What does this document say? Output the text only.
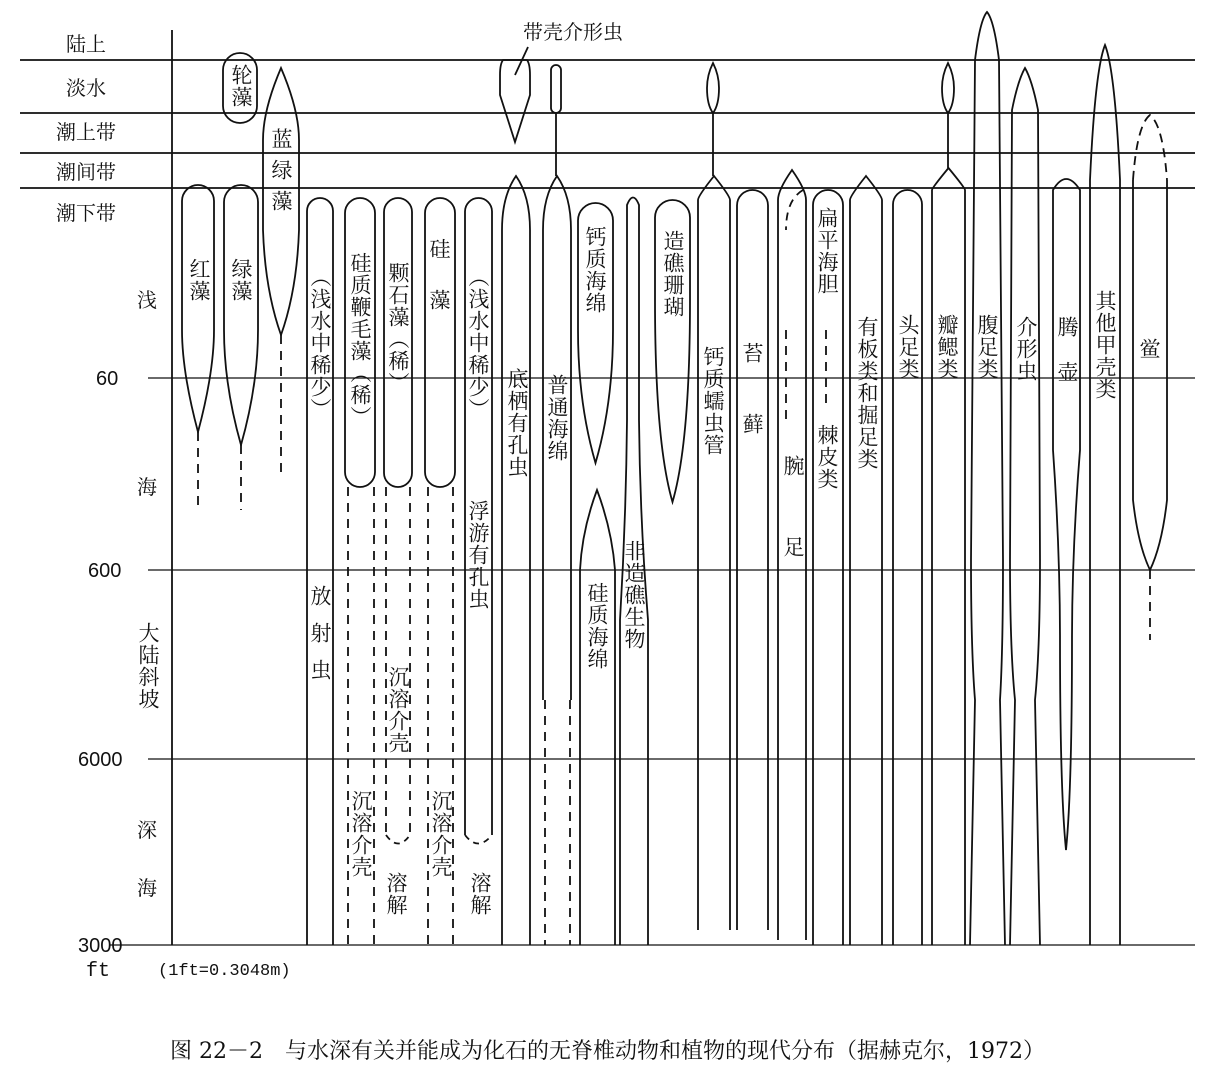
陆上
淡水
潮上带
潮间带
潮下带
浅
60
海
600
大陆斜坡
6000
深
海
3000
ft	(1ft=0.3048m)
红藻 绿藻
蓝绿藻
轮藻
（浅水中稀少）
放射虫
硅质鞭毛藻（稀） 颗石藻（稀） 硅藻 （浅水中稀少）
浮游有孔虫
底栖有孔虫
带壳介形虫
普通海绵
钙质海绵
硅质海绵 非造礁生物
造礁珊瑚
钙质蠕虫管 苔藓
腕足
扁平海胆
棘皮类 有板类和掘足类 头足类 瓣鳃类 腹足类 介形虫 腾壶 其他甲壳类 鲎
沉溶介壳
沉溶介壳
沉溶介壳
溶解	溶解
图 22－2　与水深有关并能成为化石的无脊椎动物和植物的现代分布（据赫克尔，1972）
